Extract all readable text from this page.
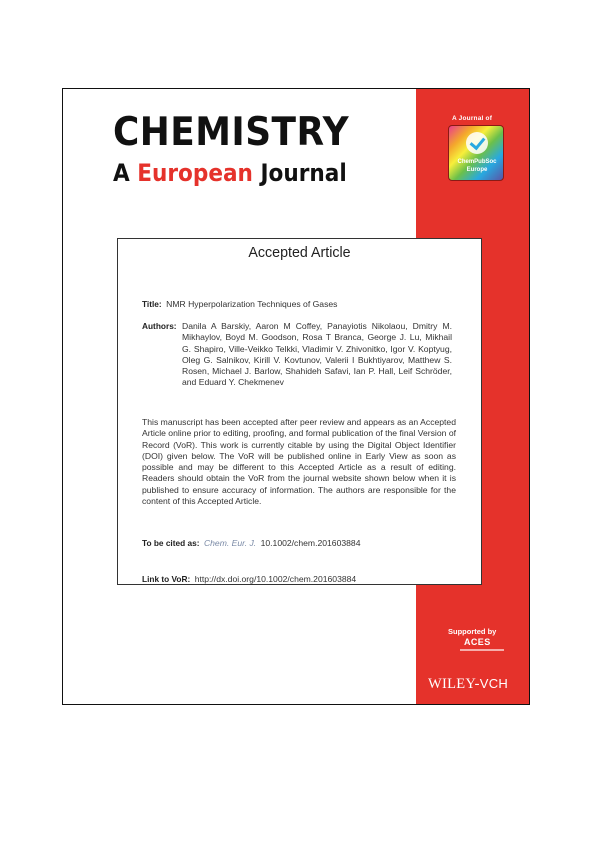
CHEMISTRY
A European Journal
A Journal of
ChemPubSoc
Europe
Accepted Article
Title: NMR Hyperpolarization Techniques of Gases
Authors: Danila A Barskiy, Aaron M Coffey, Panayiotis Nikolaou, Dmitry M. Mikhaylov, Boyd M. Goodson, Rosa T Branca, George J. Lu, Mikhail G. Shapiro, Ville-Veikko Telkki, Vladimir V. Zhivonitko, Igor V. Koptyug, Oleg G. Salnikov, Kirill V. Kovtunov, Valerii I Bukhtiyarov, Matthew S. Rosen, Michael J. Barlow, Shahideh Safavi, Ian P. Hall, Leif Schröder, and Eduard Y. Chekmenev
This manuscript has been accepted after peer review and appears as an Accepted Article online prior to editing, proofing, and formal publication of the final Version of Record (VoR). This work is currently citable by using the Digital Object Identifier (DOI) given below. The VoR will be published online in Early View as soon as possible and may be different to this Accepted Article as a result of editing. Readers should obtain the VoR from the journal website shown below when it is published to ensure accuracy of information. The authors are responsible for the content of this Accepted Article.
To be cited as: Chem. Eur. J. 10.1002/chem.201603884
Link to VoR: http://dx.doi.org/10.1002/chem.201603884
Supported by
ACES
WILEY-VCH
